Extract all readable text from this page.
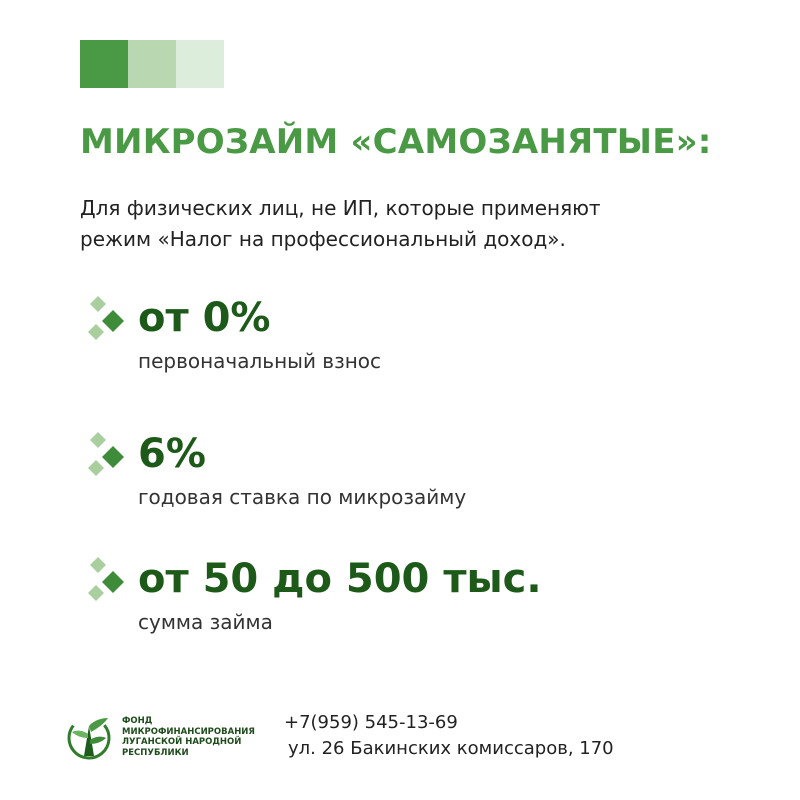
МИКРОЗАЙМ «САМОЗАНЯТЫЕ»:

Для физических лиц, не ИП, которые применяют
режим «Налог на профессиональный доход».

от 0%
первоначальный взнос
6%
годовая ставка по микрозайму
от 50 до 500 тыс.
сумма займа
ФОНД
МИКРОФИНАНСИРОВАНИЯ
ЛУГАНСКОЙ НАРОДНОЙ
РЕСПУБЛИКИ
+7(959) 545-13-69
ул. 26 Бакинских комиссаров, 170
